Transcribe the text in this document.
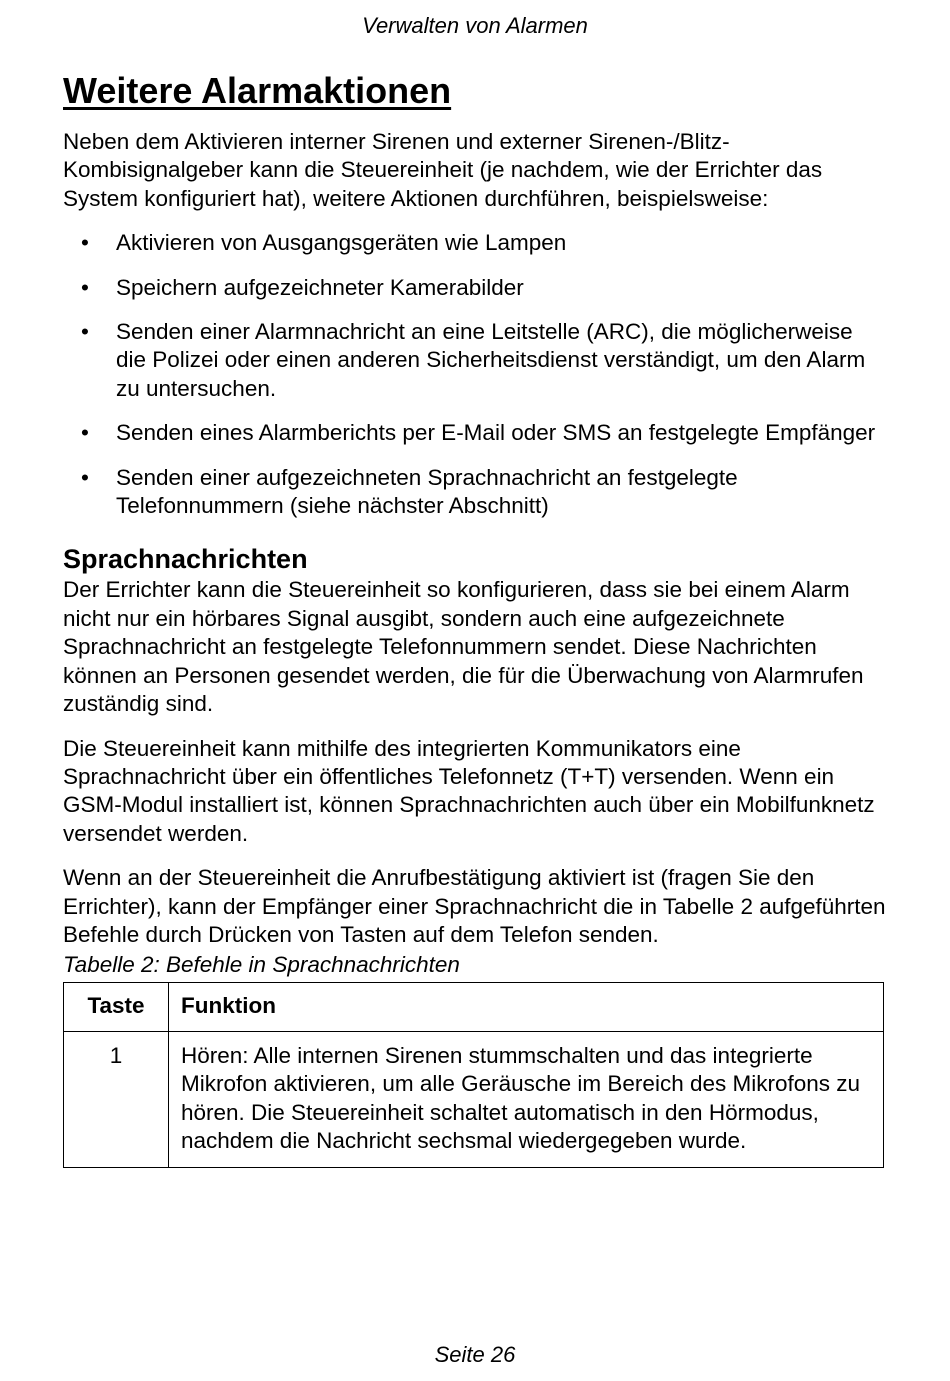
Verwalten von Alarmen
Weitere Alarmaktionen

Neben dem Aktivieren interner Sirenen und externer Sirenen-/Blitz-Kombisignalgeber kann die Steuereinheit (je nachdem, wie der Errichter das System konfiguriert hat), weitere Aktionen durchführen, beispielsweise:

• Aktivieren von Ausgangsgeräten wie Lampen
• Speichern aufgezeichneter Kamerabilder
• Senden einer Alarmnachricht an eine Leitstelle (ARC), die möglicherweise die Polizei oder einen anderen Sicherheitsdienst verständigt, um den Alarm zu untersuchen.
• Senden eines Alarmberichts per E-Mail oder SMS an festgelegte Empfänger
• Senden einer aufgezeichneten Sprachnachricht an festgelegte Telefonnummern (siehe nächster Abschnitt)
Sprachnachrichten

Der Errichter kann die Steuereinheit so konfigurieren, dass sie bei einem Alarm nicht nur ein hörbares Signal ausgibt, sondern auch eine aufgezeichnete Sprachnachricht an festgelegte Telefonnummern sendet. Diese Nachrichten können an Personen gesendet werden, die für die Überwachung von Alarmrufen zuständig sind.

Die Steuereinheit kann mithilfe des integrierten Kommunikators eine Sprachnachricht über ein öffentliches Telefonnetz (T+T) versenden. Wenn ein GSM-Modul installiert ist, können Sprachnachrichten auch über ein Mobilfunknetz versendet werden.

Wenn an der Steuereinheit die Anrufbestätigung aktiviert ist (fragen Sie den Errichter), kann der Empfänger einer Sprachnachricht die in Tabelle 2 aufgeführten Befehle durch Drücken von Tasten auf dem Telefon senden.

Tabelle 2: Befehle in Sprachnachrichten
Taste	Funktion
1	Hören: Alle internen Sirenen stummschalten und das integrierte Mikrofon aktivieren, um alle Geräusche im Bereich des Mikrofons zu hören. Die Steuereinheit schaltet automatisch in den Hörmodus, nachdem die Nachricht sechsmal wiedergegeben wurde.
Seite 26
